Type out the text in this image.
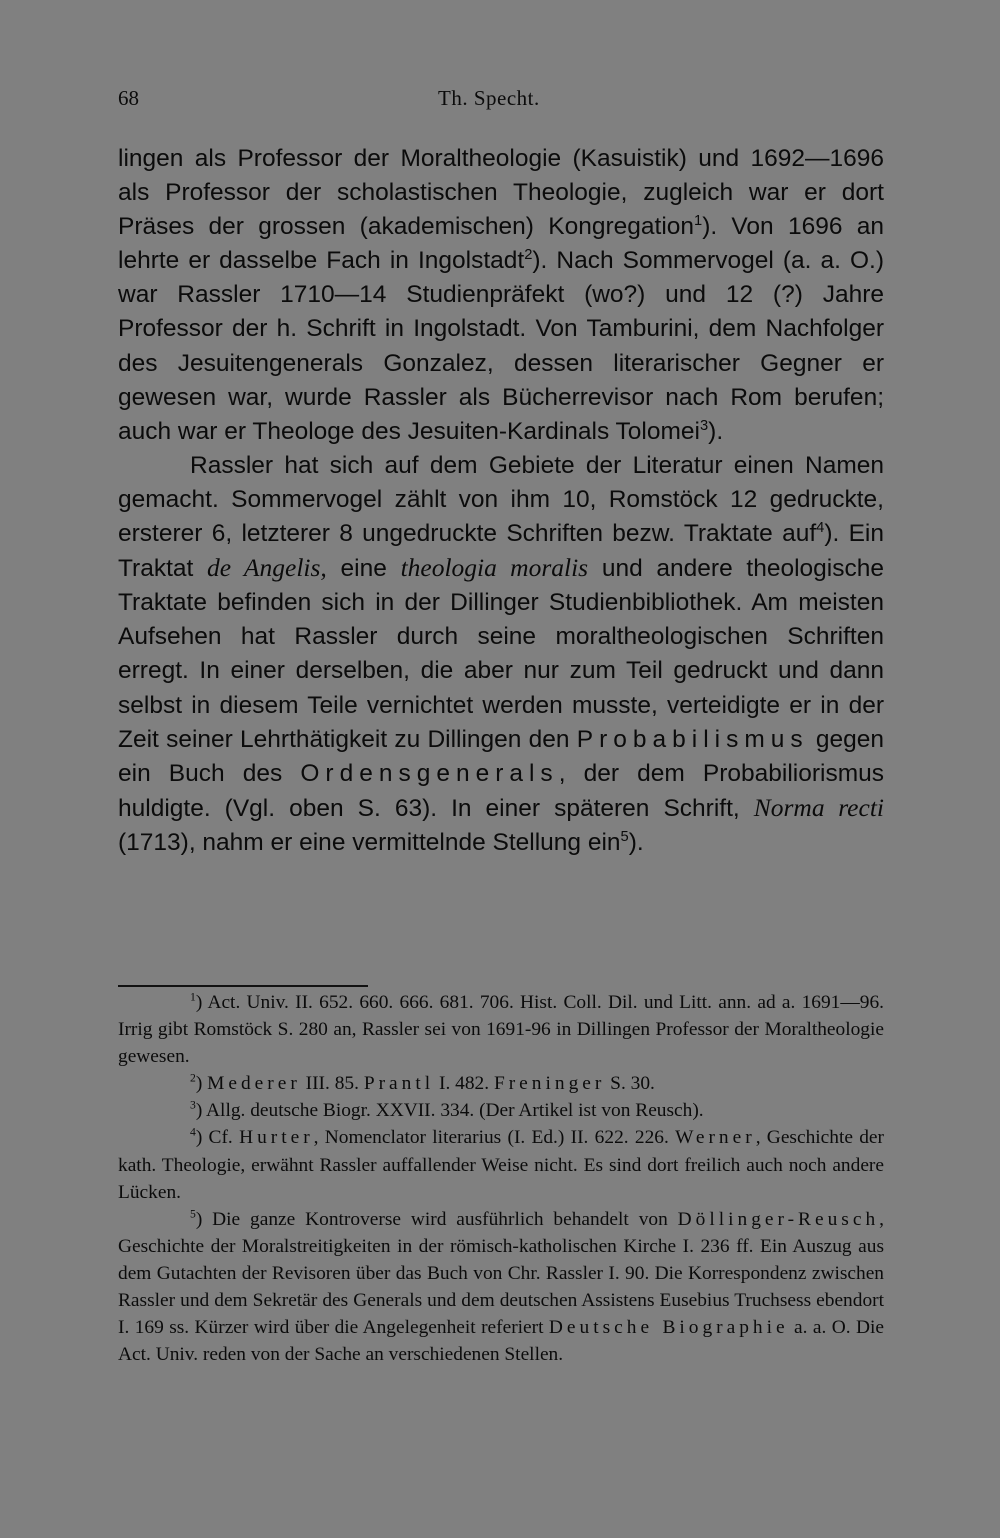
68	Th. Specht.

lingen als Professor der Moraltheologie (Kasuistik) und 1692—1696 als Professor der scholastischen Theologie, zugleich war er dort Präses der grossen (akademischen) Kongregation$^1$). Von 1696 an lehrte er dasselbe Fach in Ingolstadt$^2$). Nach Sommervogel (a. a. O.) war Rassler 1710—14 Studienpräfekt (wo?) und 12 (?) Jahre Professor der h. Schrift in Ingolstadt. Von Tamburini, dem Nachfolger des Jesuitengenerals Gonzalez, dessen literarischer Gegner er gewesen war, wurde Rassler als Bücherrevisor nach Rom berufen; auch war er Theologe des Jesuiten-Kardinals Tolomei$^3$).

Rassler hat sich auf dem Gebiete der Literatur einen Namen gemacht. Sommervogel zählt von ihm 10, Romstöck 12 gedruckte, ersterer 6, letzterer 8 ungedruckte Schriften bezw. Traktate auf$^4$). Ein Traktat de Angelis, eine theologia moralis und andere theologische Traktate befinden sich in der Dillinger Studienbibliothek. Am meisten Aufsehen hat Rassler durch seine moraltheologischen Schriften erregt. In einer derselben, die aber nur zum Teil gedruckt und dann selbst in diesem Teile vernichtet werden musste, verteidigte er in der Zeit seiner Lehrthätigkeit zu Dillingen den Probabilismus gegen ein Buch des Ordensgenerals, der dem Probabiliorismus huldigte. (Vgl. oben S. 63). In einer späteren Schrift, Norma recti (1713), nahm er eine vermittelnde Stellung ein$^5$).

$^1$) Act. Univ. II. 652. 660. 666. 681. 706. Hist. Coll. Dil. und Litt. ann. ad a. 1691—96. Irrig gibt Romstöck S. 280 an, Rassler sei von 1691-96 in Dillingen Professor der Moraltheologie gewesen.

$^2$) Mederer III. 85. Prantl I. 482. Freninger S. 30.

$^3$) Allg. deutsche Biogr. XXVII. 334. (Der Artikel ist von Reusch).

$^4$) Cf. Hurter, Nomenclator literarius (I. Ed.) II. 622. 226. Werner, Geschichte der kath. Theologie, erwähnt Rassler auffallender Weise nicht. Es sind dort freilich auch noch andere Lücken.

$^5$) Die ganze Kontroverse wird ausführlich behandelt von Döllinger-Reusch, Geschichte der Moralstreitigkeiten in der römisch-katholischen Kirche I. 236 ff. Ein Auszug aus dem Gutachten der Revisoren über das Buch von Chr. Rassler I. 90. Die Korrespondenz zwischen Rassler und dem Sekretär des Generals und dem deutschen Assistens Eusebius Truchsess ebendort I. 169 ss. Kürzer wird über die Angelegenheit referiert Deutsche Biographie a. a. O. Die Act. Univ. reden von der Sache an verschiedenen Stellen.
